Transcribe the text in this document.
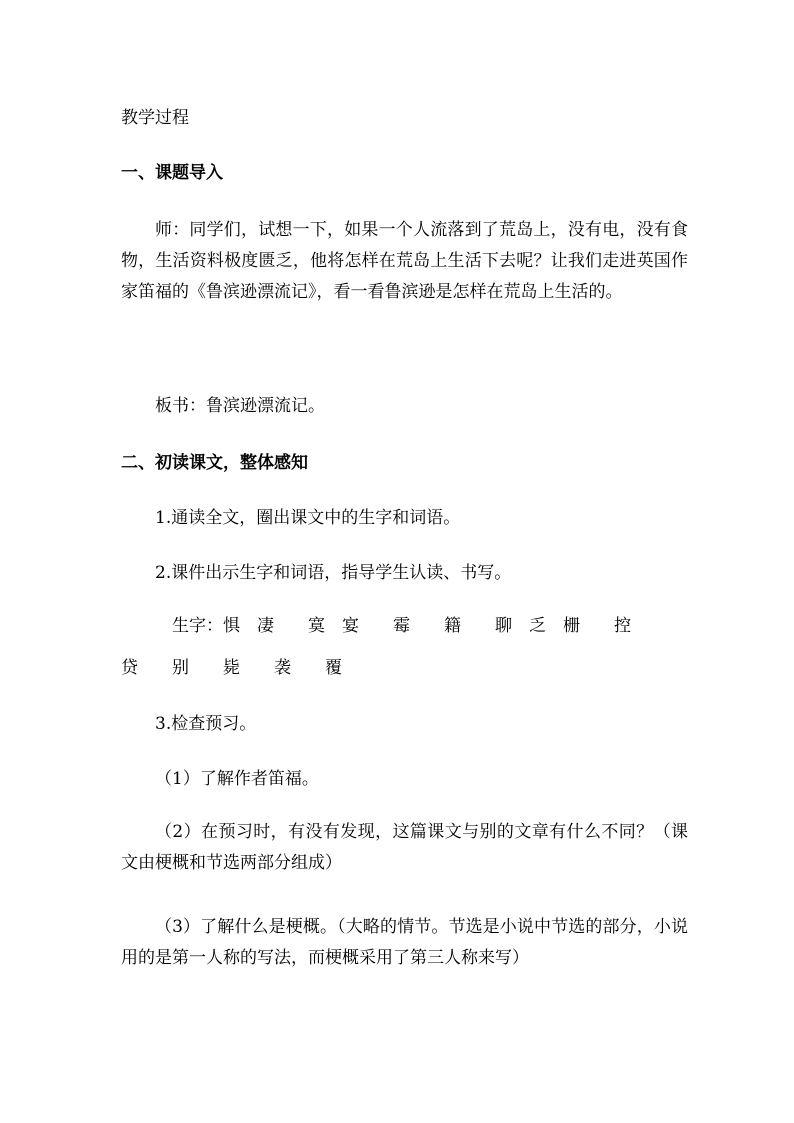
教学过程

一、课题导入

师：同学们，试想一下，如果一个人流落到了荒岛上，没有电，没有食物，生活资料极度匮乏，他将怎样在荒岛上生活下去呢？让我们走进英国作家笛福的《鲁滨逊漂流记》，看一看鲁滨逊是怎样在荒岛上生活的。

板书：鲁滨逊漂流记。

二、初读课文，整体感知

1.通读全文，圈出课文中的生字和词语。

2.课件出示生字和词语，指导学生认读、书写。

生字：惧　凄　　寞　宴　　霉　　籍　　聊　乏　栅　　控

贷　　别　　毙　　袭　　覆

3.检查预习。

（1）了解作者笛福。

（2）在预习时，有没有发现，这篇课文与别的文章有什么不同？（课文由梗概和节选两部分组成）

（3）了解什么是梗概。（大略的情节。节选是小说中节选的部分，小说用的是第一人称的写法，而梗概采用了第三人称来写）
